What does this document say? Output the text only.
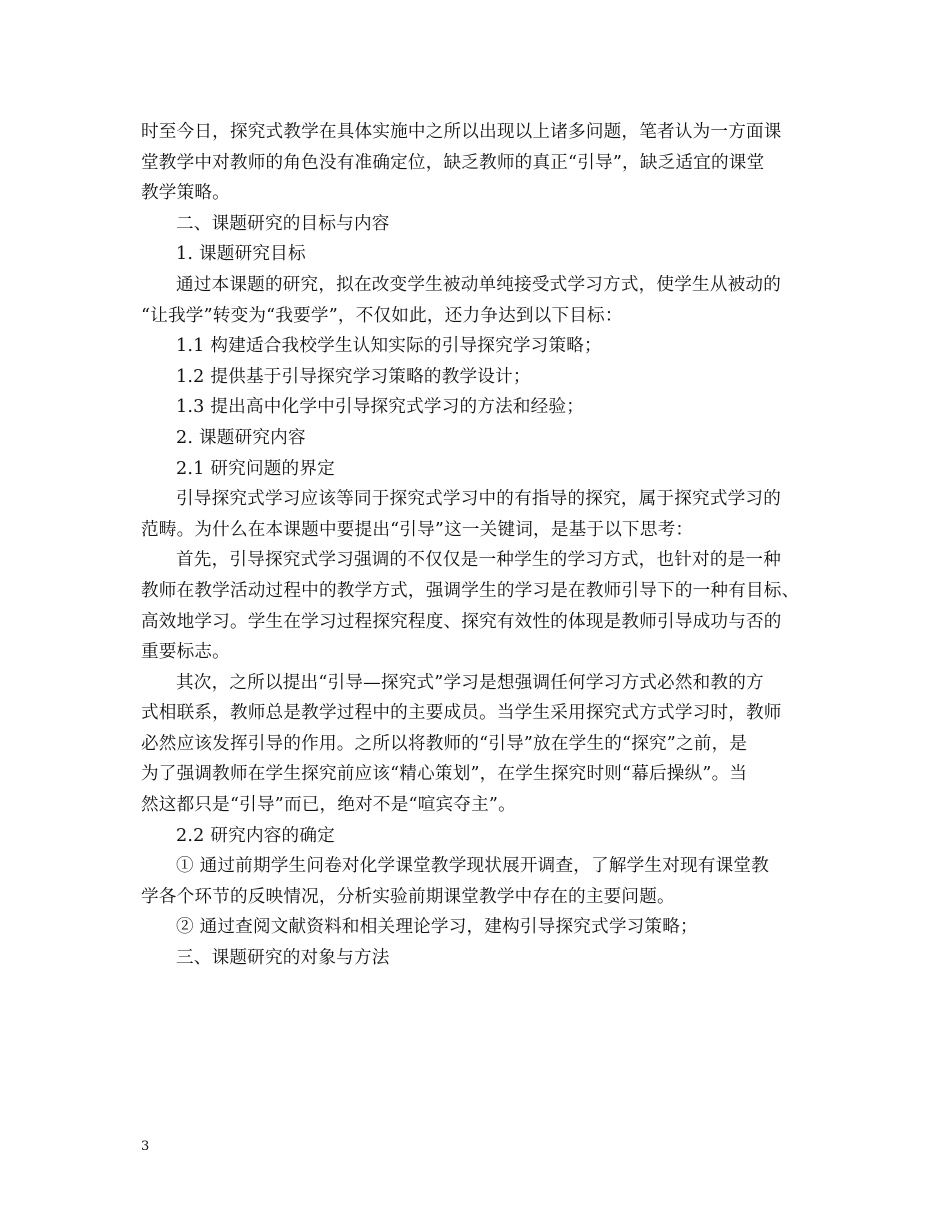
时至今日，探究式教学在具体实施中之所以出现以上诸多问题，笔者认为一方面课
堂教学中对教师的角色没有准确定位，缺乏教师的真正“引导”，缺乏适宜的课堂
教学策略。
二、课题研究的目标与内容
1. 课题研究目标
通过本课题的研究，拟在改变学生被动单纯接受式学习方式，使学生从被动的
“让我学”转变为“我要学”，不仅如此，还力争达到以下目标：
1.1 构建适合我校学生认知实际的引导探究学习策略；
1.2 提供基于引导探究学习策略的教学设计；
1.3 提出高中化学中引导探究式学习的方法和经验；
2. 课题研究内容
2.1 研究问题的界定
引导探究式学习应该等同于探究式学习中的有指导的探究，属于探究式学习的
范畴。为什么在本课题中要提出“引导”这一关键词，是基于以下思考：
首先，引导探究式学习强调的不仅仅是一种学生的学习方式，也针对的是一种
教师在教学活动过程中的教学方式，强调学生的学习是在教师引导下的一种有目标、
高效地学习。学生在学习过程探究程度、探究有效性的体现是教师引导成功与否的
重要标志。
其次，之所以提出“引导—探究式”学习是想强调任何学习方式必然和教的方
式相联系，教师总是教学过程中的主要成员。当学生采用探究式方式学习时，教师
必然应该发挥引导的作用。之所以将教师的“引导”放在学生的“探究”之前，是
为了强调教师在学生探究前应该“精心策划”，在学生探究时则“幕后操纵”。当
然这都只是“引导”而已，绝对不是“喧宾夺主”。
2.2 研究内容的确定
① 通过前期学生问卷对化学课堂教学现状展开调查，了解学生对现有课堂教
学各个环节的反映情况，分析实验前期课堂教学中存在的主要问题。
② 通过查阅文献资料和相关理论学习，建构引导探究式学习策略；
三、课题研究的对象与方法
3
